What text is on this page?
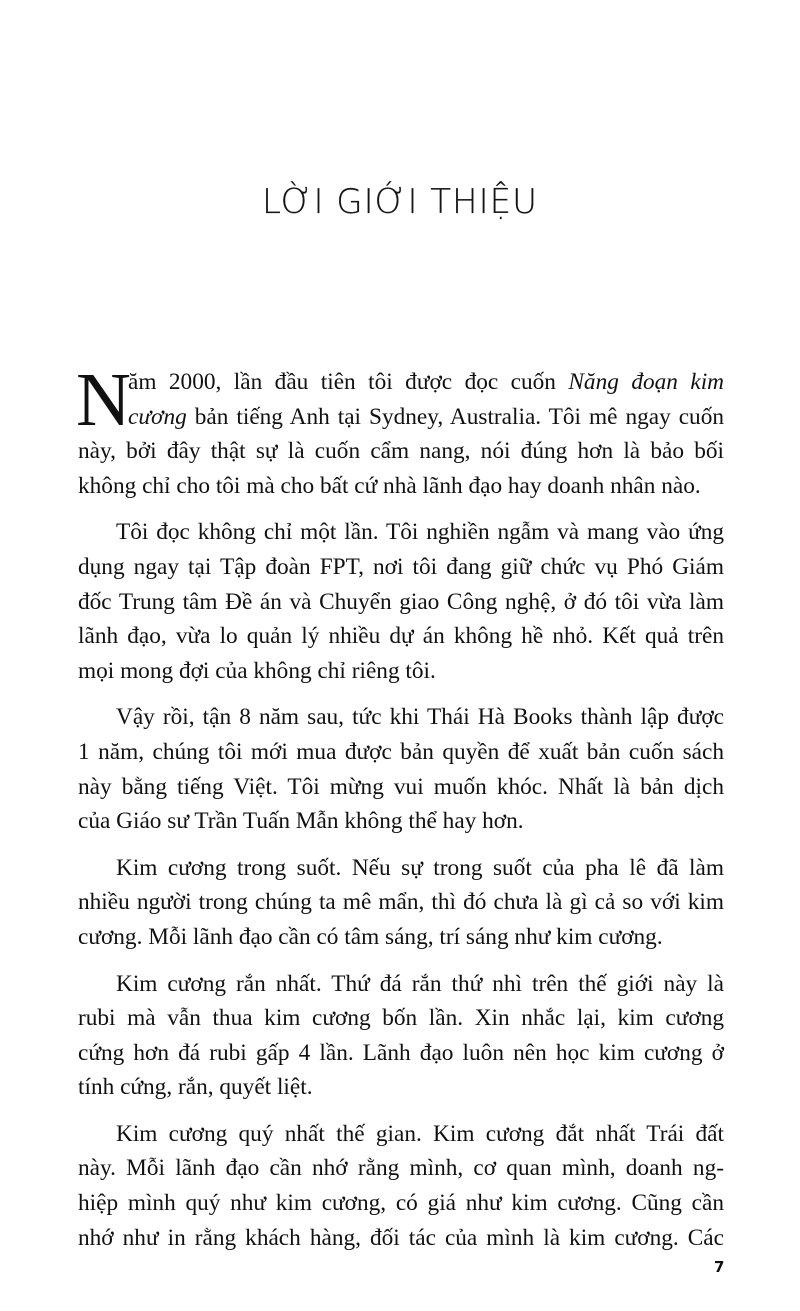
LỜI GIỚI THIỆU
N
ăm 2000, lần đầu tiên tôi được đọc cuốn Năng đoạn kim
cương bản tiếng Anh tại Sydney, Australia. Tôi mê ngay cuốn
này, bởi đây thật sự là cuốn cẩm nang, nói đúng hơn là bảo bối
không chỉ cho tôi mà cho bất cứ nhà lãnh đạo hay doanh nhân nào.
Tôi đọc không chỉ một lần. Tôi nghiền ngẫm và mang vào ứng
dụng ngay tại Tập đoàn FPT, nơi tôi đang giữ chức vụ Phó Giám
đốc Trung tâm Đề án và Chuyển giao Công nghệ, ở đó tôi vừa làm
lãnh đạo, vừa lo quản lý nhiều dự án không hề nhỏ. Kết quả trên
mọi mong đợi của không chỉ riêng tôi.
Vậy rồi, tận 8 năm sau, tức khi Thái Hà Books thành lập được
1 năm, chúng tôi mới mua được bản quyền để xuất bản cuốn sách
này bằng tiếng Việt. Tôi mừng vui muốn khóc. Nhất là bản dịch
của Giáo sư Trần Tuấn Mẫn không thể hay hơn.
Kim cương trong suốt. Nếu sự trong suốt của pha lê đã làm
nhiều người trong chúng ta mê mẩn, thì đó chưa là gì cả so với kim
cương. Mỗi lãnh đạo cần có tâm sáng, trí sáng như kim cương.
Kim cương rắn nhất. Thứ đá rắn thứ nhì trên thế giới này là
rubi mà vẫn thua kim cương bốn lần. Xin nhắc lại, kim cương
cứng hơn đá rubi gấp 4 lần. Lãnh đạo luôn nên học kim cương ở
tính cứng, rắn, quyết liệt.
Kim cương quý nhất thế gian. Kim cương đắt nhất Trái đất
này. Mỗi lãnh đạo cần nhớ rằng mình, cơ quan mình, doanh ng-
hiệp mình quý như kim cương, có giá như kim cương. Cũng cần
nhớ như in rằng khách hàng, đối tác của mình là kim cương. Các
7
